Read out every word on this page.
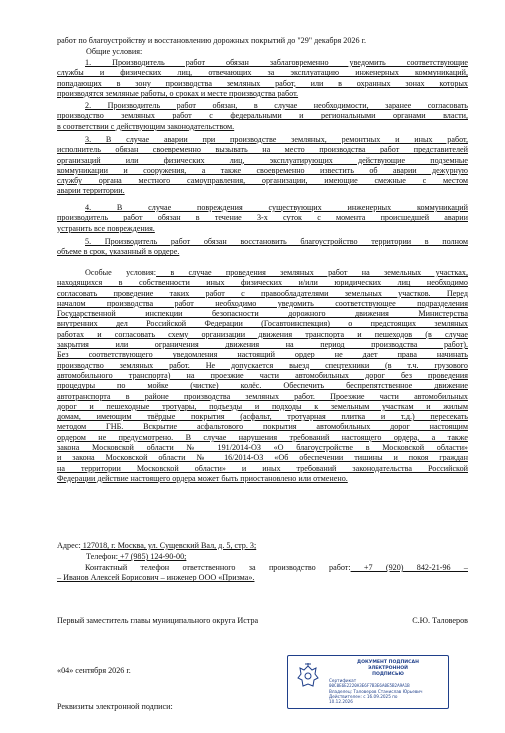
работ по благоустройству и восстановлению дорожных покрытий до "29" декабря 2026 г.
Общие условия:
1. Производитель работ обязан заблаговременно уведомить соответствующие
службы и физических лиц, отвечающих за эксплуатацию инженерных коммуникаций,
попадающих в зону производства земляных работ, или в охранных зонах которых
производятся земляные работы, о сроках и месте производства работ.
2. Производитель работ обязан, в случае необходимости, заранее согласовать
производство земляных работ с федеральными и региональными органами власти,
в соответствии с действующим законодательством.
3. В случае аварии при производстве земляных, ремонтных и иных работ,
исполнитель обязан своевременно вызывать на место производства работ представителей
организаций или физических лиц, эксплуатирующих действующие подземные
коммуникации и сооружения, а также своевременно известить об аварии дежурную
службу органа местного самоуправления, организации, имеющие смежные с местом
аварии территории.
4. В случае повреждения существующих инженерных коммуникаций
производитель работ обязан в течение 3-х суток с момента происшедшей аварии
устранить все повреждения.
5. Производитель работ обязан восстановить благоустройство территории в полном
объеме в срок, указанный в ордере.
Особые условия: в случае проведения земляных работ на земельных участках,
находящихся в собственности иных физических и/или юридических лиц необходимо
согласовать проведение таких работ с правообладателями земельных участков. Перед
началом производства работ необходимо уведомить соответствующее подразделения
Государственной инспекции безопасности дорожного движения Министерства
внутренних дел Российской Федерации (Госавтоинспекция) о предстоящих земляных
работах и согласовать схему организации движения транспорта и пешеходов (в случае
закрытия или ограничения движения на период производства работ).
Без соответствующего уведомления настоящий ордер не дает права начинать
производство земляных работ. Не допускается выезд спецтехники (в т.ч. грузового
автомобильного транспорта) на проезжие части автомобильных дорог без проведения
процедуры по мойке (чистке) колёс. Обеспечить беспрепятственное движение
автотранспорта в районе производства земляных работ. Проезжие части автомобильных
дорог и пешеходные тротуары, подъезды и подходы к земельным участкам и жилым
домам, имеющим твёрдые покрытия (асфальт, тротуарная плитка и т.д.) пересекать
методом ГНБ. Вскрытие асфальтового покрытия автомобильных дорог настоящим
ордером не предусмотрено. В случае нарушения требований настоящего ордера, а также
закона Московской области № 191/2014-ОЗ «О благоустройстве в Московской области»
и закона Московской области № 16/2014-ОЗ «Об обеспечении тишины и покоя граждан
на территории Московской области» и иных требований законодательства Российской
Федерации действие настоящего ордера может быть приостановлено или отменено.
Адрес: 127018, г. Москва, ул. Сущевский Вал, д. 5, стр. 3;
Телефон: +7 (985) 124-90-00;
Контактный телефон ответственного за производство работ: +7 (920) 842-21-96 –
– Иванов Алексей Борисович – инженер ООО «Призма».
Первый заместитель главы муниципального округа Истра	С.Ю. Таловеров
«04» сентября 2026 г.
Реквизиты электронной подписи:
ДОКУМЕНТ ПОДПИСАН
ЭЛЕКТРОННОЙ
ПОДПИСЬЮ
Сертификат
00C0E6E2220A3E6F7B3E6A0E5B2A9A1B
Владелец: Таловеров Станислав Юрьевич
Действителен: с 16.09.2025 по
10.12.2026
